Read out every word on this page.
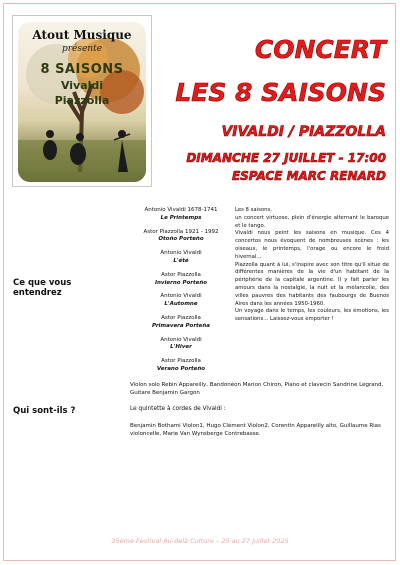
Atout Musique
présente
8 SAISONS
Vivaldi
Piazzolla
CONCERT
LES 8 SAISONS
VIVALDI / PIAZZOLLA
DIMANCHE 27 JUILLET - 17:00
ESPACE MARC RENARD
Ce que vous
entendrez
Antonio Vivaldi 1678-1741
Le Printemps
Astor Piazzolla 1921 - 1992
Otoño Porteño
Antonio Vivaldi
L'été
Astor Piazzolla
Invierno Porteño
Antonio Vivaldi
L'Automne
Astor Piazzolla
Primavera Porteña
Antonio Vivaldi
L'Hiver
Astor Piazzolla
Verano Porteño
Les 8 saisons,
un concert virtuose, plein d'énergie alternant le baroque et le tango.
Vivaldi nous peint les saisons en musique. Ces 4 concertos nous évoquent de nombreuses scènes : les oiseaux, le printemps, l'orage ou encore le froid hivernal...
Piazzolla quant à lui, s'inspire avec son titre qu'il situe de différentes manières de la vie d'un habitant de la périphérie de la capitale argentine. Il y fait parler les amours dans la nostalgie, la nuit et la mélancolie, des villes pauvres des habitants des faubourgs de Buenos Aires dans les années 1950-1960.
Un voyage dans le temps, les couleurs, les émotions, les sensations... Laissez-vous emporter !
Violon solo Rebin Appareilly, Bandonéon Marion Chiron, Piano et clavecin Sandrine Legrand, Guitare Benjamin Gargon
Qui sont-ils ?	Le quintette à cordes de Vivaldi :
Benjamin Bothami Violon1, Hugo Clément Violon2, Corentin Appareilly alto, Guillaume Rias violoncelle, Marie Van Wynsberge Contrebasse.
35ème Festival Au-delà Culture – 25 au 27 juillet 2025
